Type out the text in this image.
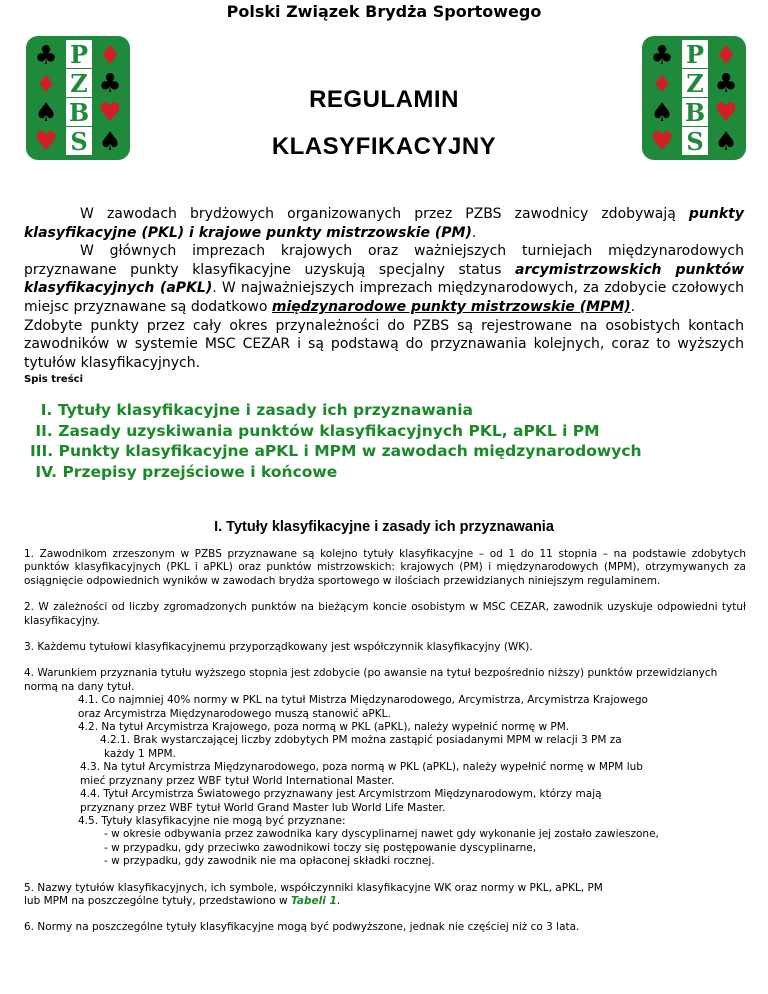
Polski Związek Brydża Sportowego
P
Z
B
S
♣ ♦
♦ ♣
♠ ♥
♥ ♠
P
Z
B
S
♣ ♦
♦ ♣
♠ ♥
♥ ♠
REGULAMIN
KLASYFIKACYJNY

W zawodach brydżowych organizowanych przez PZBS zawodnicy zdobywają punkty klasyfikacyjne (PKL) i krajowe punkty mistrzowskie (PM).

W głównych imprezach krajowych oraz ważniejszych turniejach międzynarodowych przyznawane punkty klasyfikacyjne uzyskują specjalny status arcymistrzowskich punktów klasyfikacyjnych (aPKL). W najważniejszych imprezach międzynarodowych, za zdobycie czołowych miejsc przyznawane są dodatkowo międzynarodowe punkty mistrzowskie (MPM).

Zdobyte punkty przez cały okres przynależności do PZBS są rejestrowane na osobistych kontach zawodników w systemie MSC CEZAR i są podstawą do przyznawania kolejnych, coraz to wyższych tytułów klasyfikacyjnych.

Spis treści
I. Tytuły klasyfikacyjne i zasady ich przyznawania
II. Zasady uzyskiwania punktów klasyfikacyjnych PKL, aPKL i PM
III. Punkty klasyfikacyjne aPKL i MPM w zawodach międzynarodowych
IV. Przepisy przejściowe i końcowe
I. Tytuły klasyfikacyjne i zasady ich przyznawania

1. Zawodnikom zrzeszonym w PZBS przyznawane są kolejno tytuły klasyfikacyjne – od 1 do 11 stopnia – na podstawie zdobytych punktów klasyfikacyjnych (PKL i aPKL) oraz punktów mistrzowskich: krajowych (PM) i międzynarodowych (MPM), otrzymywanych za osiągnięcie odpowiednich wyników w zawodach brydża sportowego w ilościach przewidzianych niniejszym regulaminem.

2. W zależności od liczby zgromadzonych punktów na bieżącym koncie osobistym w MSC CEZAR, zawodnik uzyskuje odpowiedni tytuł klasyfikacyjny.

3. Każdemu tytułowi klasyfikacyjnemu przyporządkowany jest współczynnik klasyfikacyjny (WK).

4. Warunkiem przyznania tytułu wyższego stopnia jest zdobycie (po awansie na tytuł bezpośrednio niższy) punktów przewidzianych normą na dany tytuł.
4.1. Co najmniej 40% normy w PKL na tytuł Mistrza Międzynarodowego, Arcymistrza, Arcymistrza Krajowego
oraz Arcymistrza Międzynarodowego muszą stanowić aPKL.
4.2. Na tytuł Arcymistrza Krajowego, poza normą w PKL (aPKL), należy wypełnić normę w PM.
4.2.1. Brak wystarczającej liczby zdobytych PM można zastąpić posiadanymi MPM w relacji 3 PM za
każdy 1 MPM.
4.3. Na tytuł Arcymistrza Międzynarodowego, poza normą w PKL (aPKL), należy wypełnić normę w MPM lub
mieć przyznany przez WBF tytuł World International Master.
4.4. Tytuł Arcymistrza Światowego przyznawany jest Arcymistrzom Międzynarodowym, którzy mają
przyznany przez WBF tytuł World Grand Master lub World Life Master.
4.5. Tytuły klasyfikacyjne nie mogą być przyznane:
- w okresie odbywania przez zawodnika kary dyscyplinarnej nawet gdy wykonanie jej zostało zawieszone,
- w przypadku, gdy przeciwko zawodnikowi toczy się postępowanie dyscyplinarne,
- w przypadku, gdy zawodnik nie ma opłaconej składki rocznej.
5. Nazwy tytułów klasyfikacyjnych, ich symbole, współczynniki klasyfikacyjne WK oraz normy w PKL, aPKL, PM
lub MPM na poszczególne tytuły, przedstawiono w Tabeli 1.
6. Normy na poszczególne tytuły klasyfikacyjne mogą być podwyższone, jednak nie częściej niż co 3 lata.
